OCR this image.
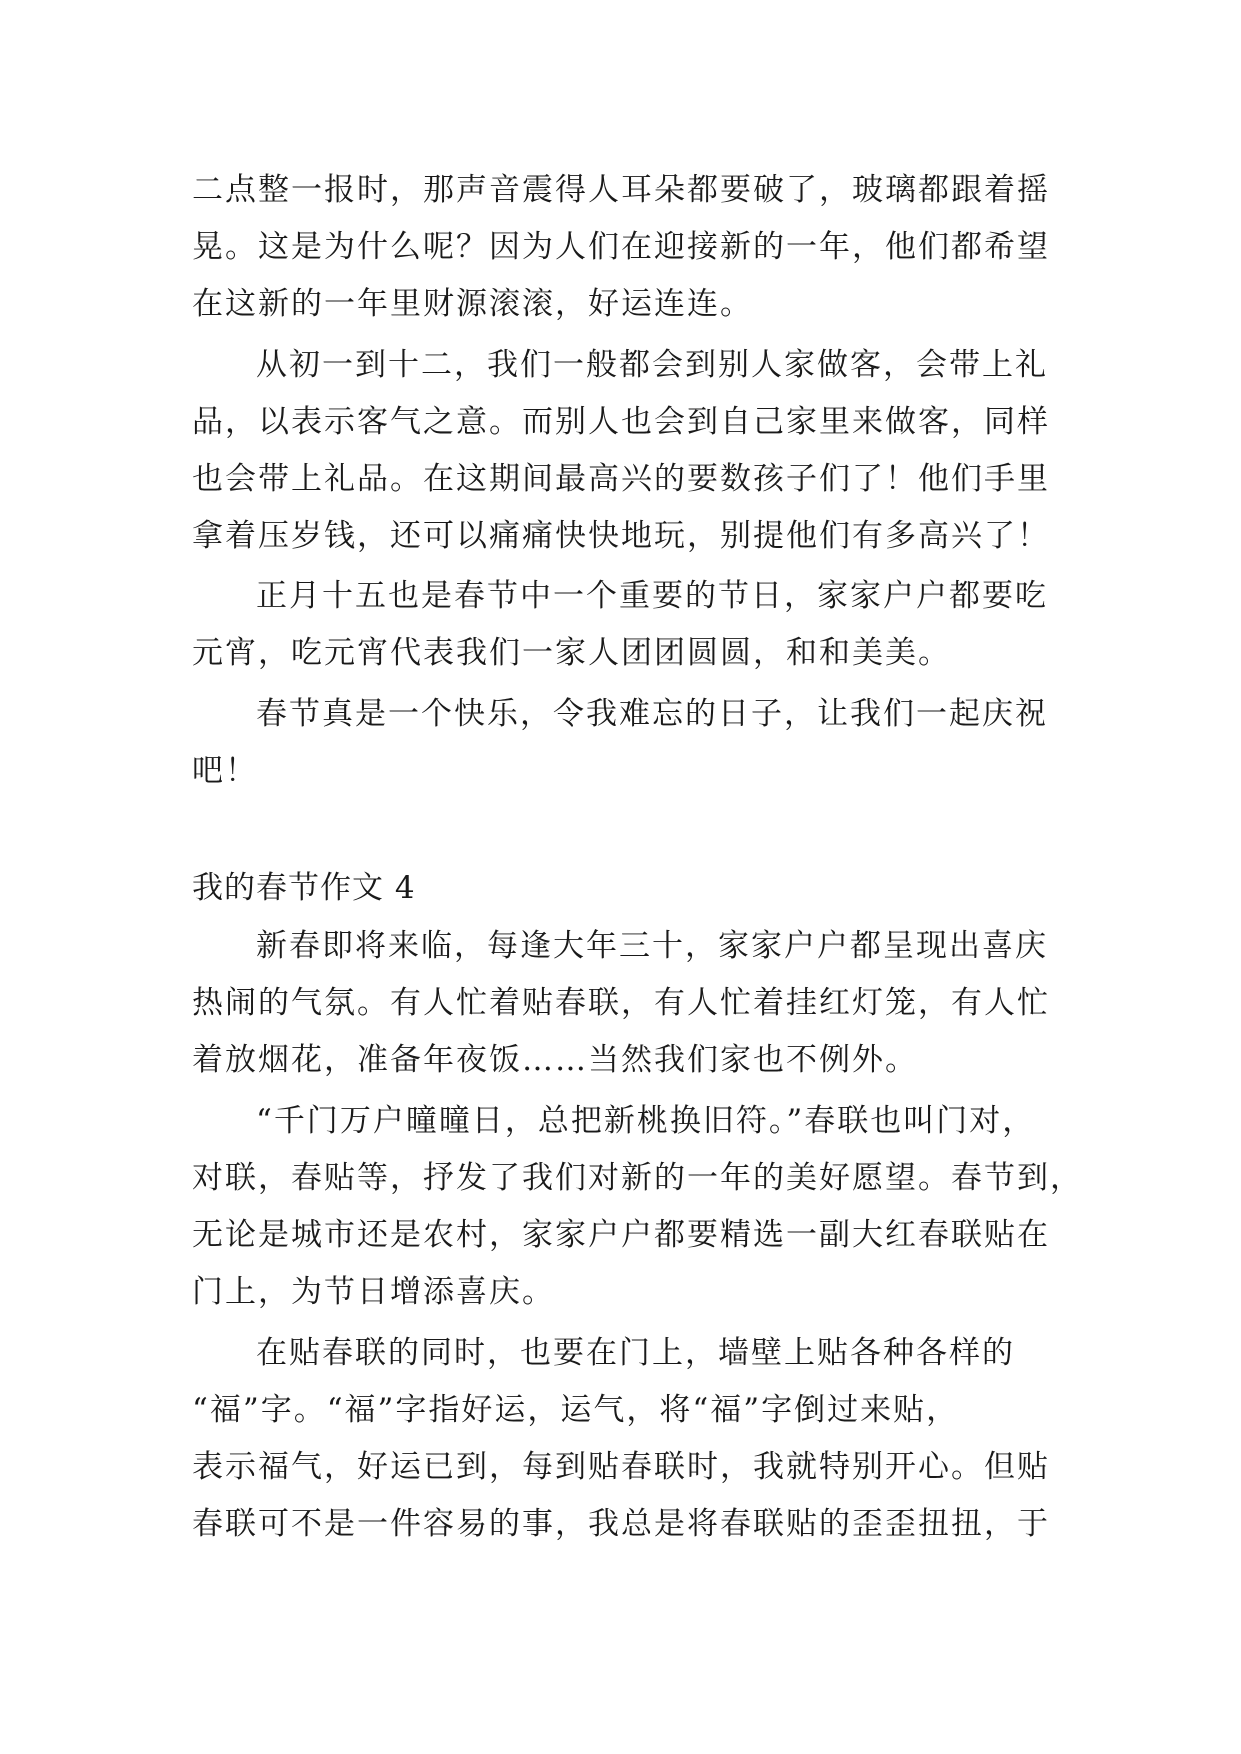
二点整一报时，那声音震得人耳朵都要破了，玻璃都跟着摇
晃。这是为什么呢？因为人们在迎接新的一年，他们都希望
在这新的一年里财源滚滚，好运连连。
从初一到十二，我们一般都会到别人家做客，会带上礼
品，以表示客气之意。而别人也会到自己家里来做客，同样
也会带上礼品。在这期间最高兴的要数孩子们了！他们手里
拿着压岁钱，还可以痛痛快快地玩，别提他们有多高兴了！
正月十五也是春节中一个重要的节日，家家户户都要吃
元宵，吃元宵代表我们一家人团团圆圆，和和美美。
春节真是一个快乐，令我难忘的日子，让我们一起庆祝
吧！
我的春节作文 4
新春即将来临，每逢大年三十，家家户户都呈现出喜庆
热闹的气氛。有人忙着贴春联，有人忙着挂红灯笼，有人忙
着放烟花，准备年夜饭……当然我们家也不例外。
“千门万户曈曈日，总把新桃换旧符。”春联也叫门对，
对联，春贴等，抒发了我们对新的一年的美好愿望。春节到，
无论是城市还是农村，家家户户都要精选一副大红春联贴在
门上，为节日增添喜庆。
在贴春联的同时，也要在门上，墙壁上贴各种各样的
“福”字。“福”字指好运，运气，将“福”字倒过来贴，
表示福气，好运已到，每到贴春联时，我就特别开心。但贴
春联可不是一件容易的事，我总是将春联贴的歪歪扭扭，于
